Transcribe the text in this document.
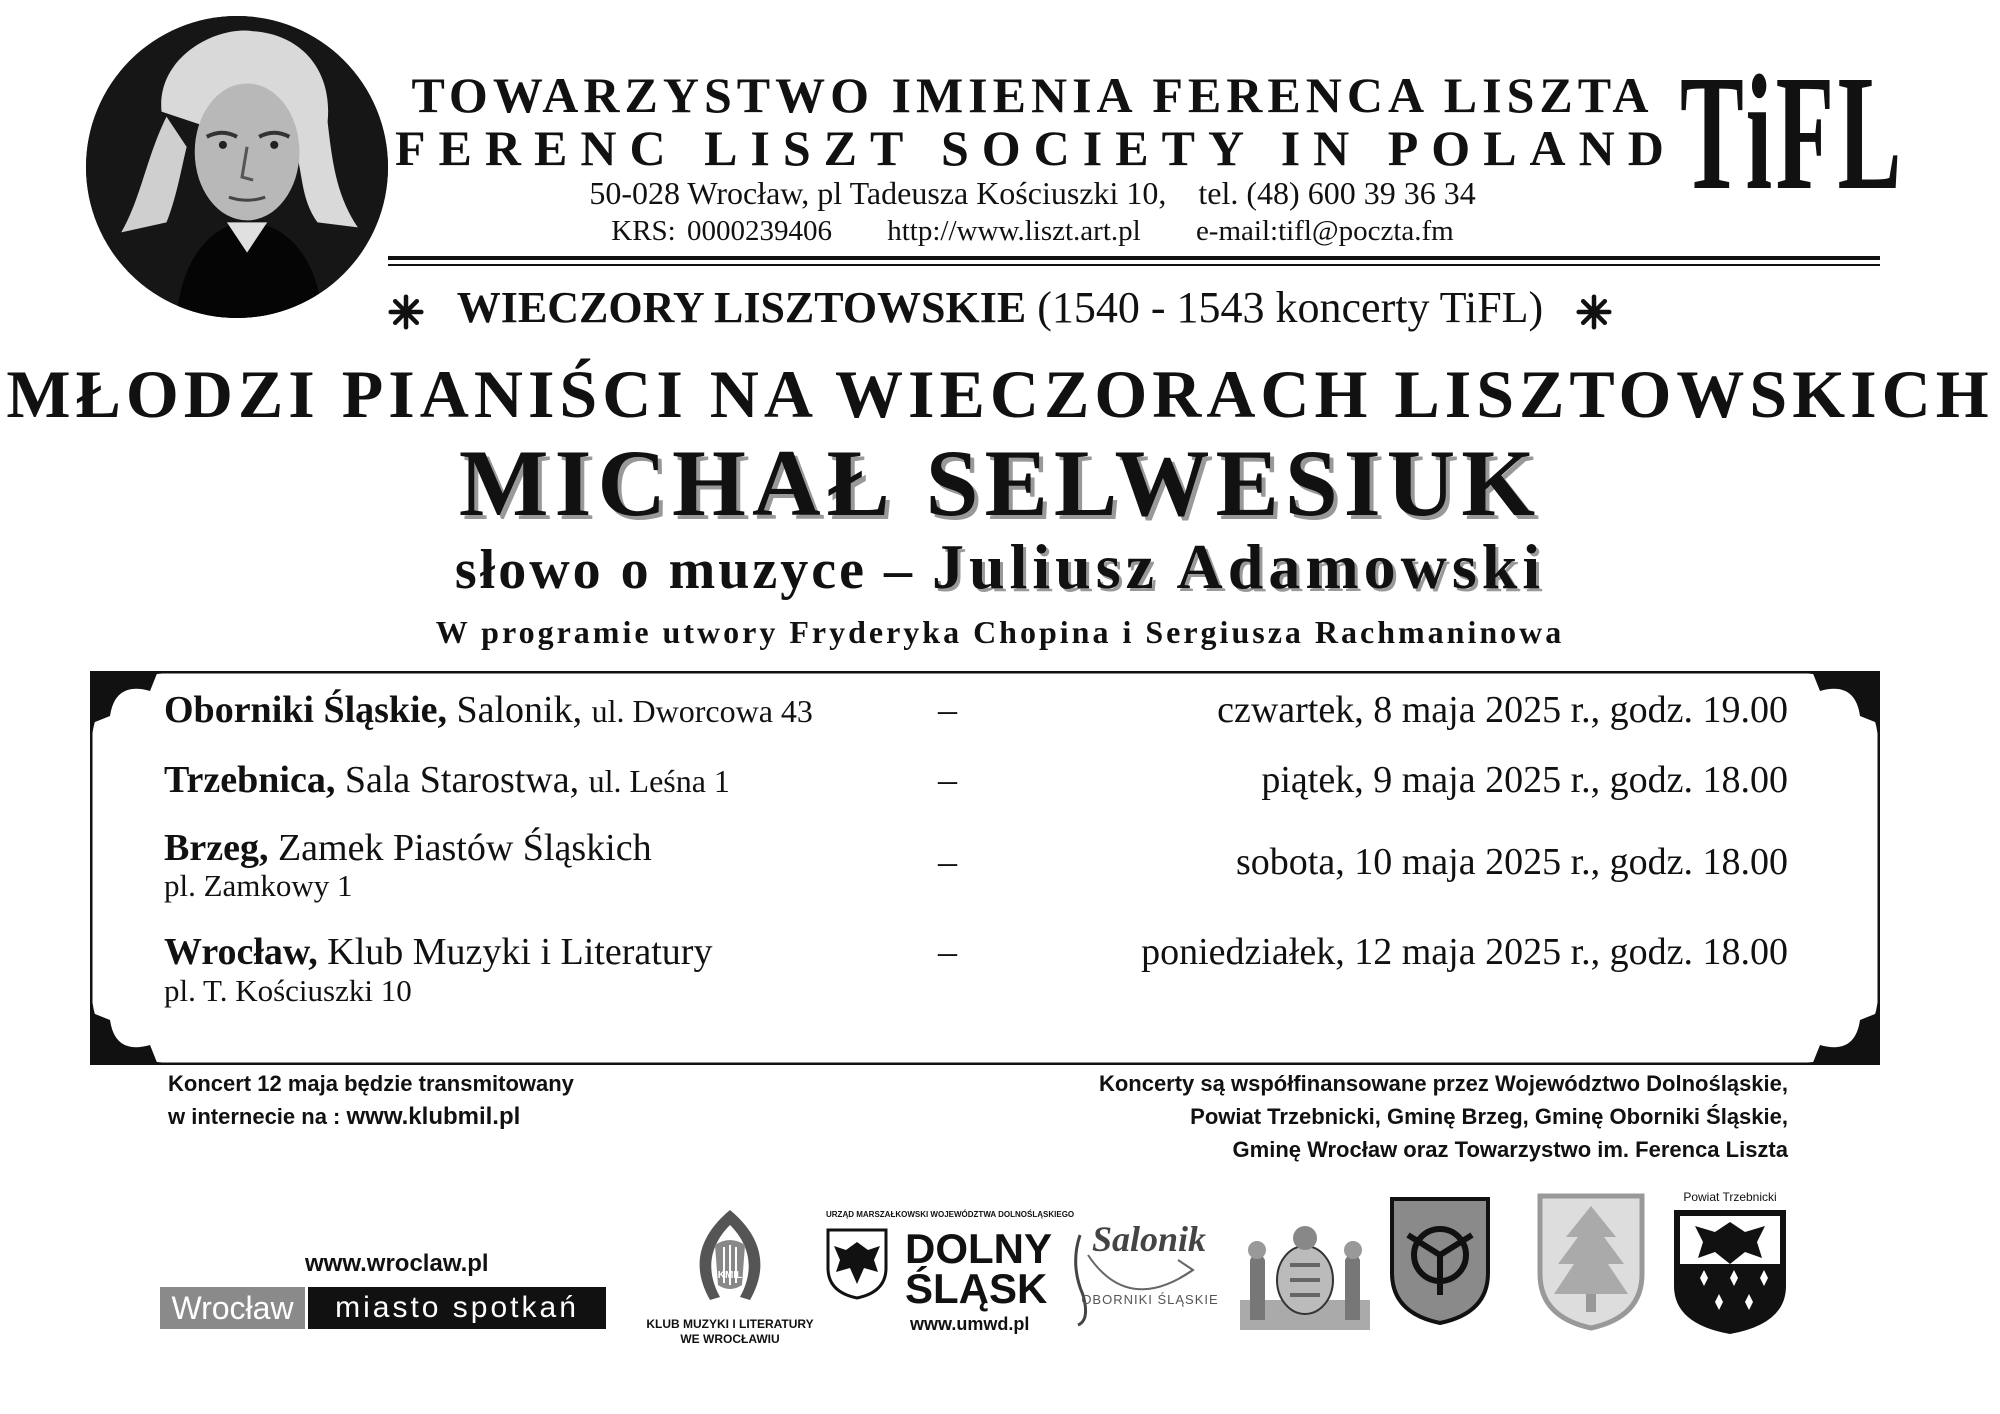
TOWARZYSTWO IMIENIA FERENCA LISZTA
FERENC LISZT SOCIETY IN POLAND
50-028 Wrocław, pl Tadeusza Kościuszki 10, tel. (48) 600 39 36 34
KRS: 0000239406 http://www.liszt.art.pl e-mail:tifl@poczta.fm
TiFL
WIECZORY LISZTOWSKIE (1540 - 1543 koncerty TiFL)
MŁODZI PIANIŚCI NA WIECZORACH LISZTOWSKICH
MICHAŁ SELWESIUK
słowo o muzyce – Juliusz Adamowski
W programie utwory Fryderyka Chopina i Sergiusza Rachmaninowa
Oborniki Śląskie, Salonik, ul. Dworcowa 43	–	czwartek, 8 maja 2025 r., godz. 19.00
Trzebnica, Sala Starostwa, ul. Leśna 1	–	piątek, 9 maja 2025 r., godz. 18.00
Brzeg, Zamek Piastów Śląskich
pl. Zamkowy 1
–	sobota, 10 maja 2025 r., godz. 18.00
Wrocław, Klub Muzyki i Literatury
pl. T. Kościuszki 10
–	poniedziałek, 12 maja 2025 r., godz. 18.00
Koncert 12 maja będzie transmitowany
w internecie na : www.klubmil.pl
Koncerty są współfinansowane przez Województwo Dolnośląskie,
Powiat Trzebnicki, Gminę Brzeg, Gminę Oborniki Śląskie,
Gminę Wrocław oraz Towarzystwo im. Ferenca Liszta
www.wroclaw.pl
Wrocław	miasto spotkań
KMIL
KLUB MUZYKI I LITERATURY
WE WROCŁAWIU
URZĄD MARSZAŁKOWSKI WOJEWÓDZTWA DOLNOŚLĄSKIEGO
DOLNY
ŚLĄSK
www.umwd.pl
Salonik
OBORNIKI ŚLĄSKIE
Powiat Trzebnicki
